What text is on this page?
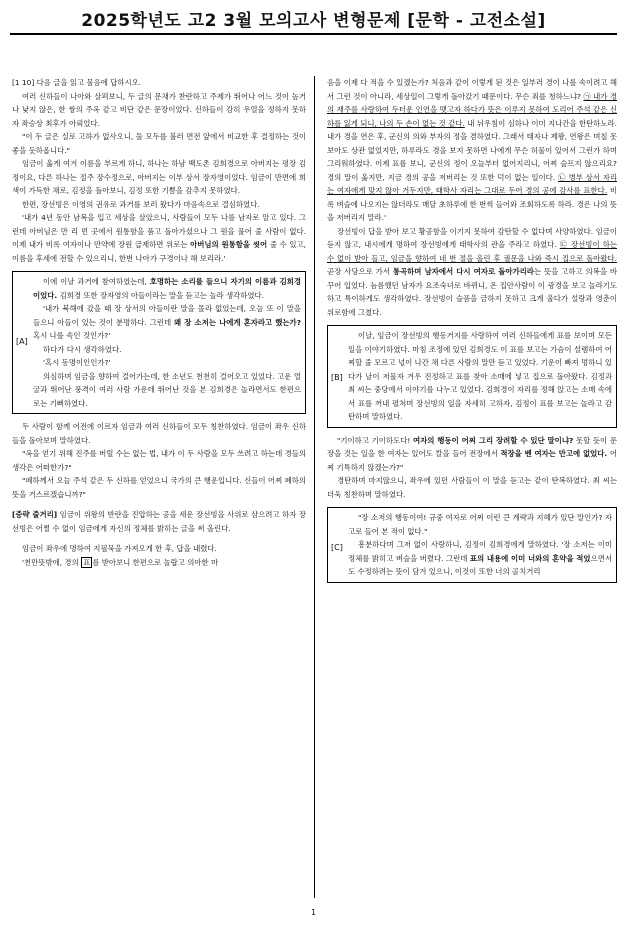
2025학년도 고2 3월 모의고사 변형문제 [문학 - 고전소설]

[1 10] 다음 글을 읽고 물음에 답하시오.

여러 신하들이 나아와 살펴보니, 두 글의 문채가 찬란하고 주제가 뛰어나 어느 것이 높거나 낮지 않은, 한 쌍의 주옥 같고 비단 같은 문장이었다. 신하들이 감히 우열을 정하지 못하자 좌승상 최후가 아뢰었다.

"이 두 글은 실로 고하가 없사오니, 둘 모두를 불러 면전 앞에서 비교한 후 결정하는 것이 좋을 듯하옵니다."

임금이 옳게 여겨 이름을 부르게 하니, 하나는 하남 백도촌 김희경으로 아버지는 평장 김정이요, 다른 하나는 절주 장수정으로, 아버지는 이부 상서 장자영이었다. 임금이 만면에 희색이 가득한 채로, 김정을 돌아보니, 김정 또한 기쁨을 감추지 못하였다.

한편, 장선빙은 이영의 권유로 과거를 보러 왔다가 마음속으로 결심하였다.

'내가 4년 동안 남복을 입고 세상을 살았으니, 사람들이 모두 나를 남자로 알고 있다. 그런데 아버님은 만 리 먼 곳에서 원통함을 품고 돌아가셨으나 그 원을 풀어 줄 사람이 없다. 이제 내가 비록 여자이나 만약에 장원 급제하면 위로는 아버님의 원통함을 씻어 줄 수 있고, 이름을 후세에 전할 수 있으리니, 한번 나아가 구경이나 해 보리라.'

[A]

이에 이날 과거에 참여하였는데, 호명하는 소리를 들으니 자기의 이름과 김희경이었다. 김희경 또한 장자영의 아들이라는 말을 듣고는 놀라 생각하였다.

'내가 북해에 갔을 때 장 상서의 아들이란 말을 몰라 없었는데, 오늘 또 이 말을 들으니 아들이 있는 것이 분명하다. 그런데 왜 장 소저는 나에게 혼자라고 했는가? 혹시 나를 속인 것인가?'

하다가 다시 생각하였다.

'혹시 동명이인인가?'

의심하며 임금을 향하여 걸어가는데, 한 소년도 천천히 걸어오고 있었다. 고운 얼굴과 뛰어난 풍격이 여러 사람 가운데 뛰어난 것을 본 김희경은 놀라면서도 한편으로는 기뻐하였다.

두 사람이 함께 어전에 이르자 임금과 여러 신하들이 모두 칭찬하였다. 임금이 좌우 신하들을 돌아보며 말하였다.

"옥을 얻기 위해 진주를 버릴 수는 없는 법, 내가 이 두 사람을 모두 쓰려고 하는데 경들의 생각은 어떠한가?"

"폐하께서 오늘 주석 같은 두 신하를 얻었으니 국가의 큰 행운입니다. 신들이 어찌 폐하의 뜻을 거스르겠습니까?"

[중략 줄거리] 임금이 위왕의 반란을 진압하는 공을 세운 장선빙을 사위로 삼으려고 하자 장선빙은 어쩔 수 없이 임금에게 자신의 정체를 밝히는 글을 써 올린다.

임금이 좌우에 명하여 지필묵을 가져오게 한 후, 답을 내렸다.

'천만뜻밖에, 경의 표 를 받아보니 한편으로 놀랍고 의아한 마

음을 이제 다 적을 수 있겠는가? 처음과 같이 이렇게 된 것은 일부러 경이 나를 속이려고 해서 그런 것이 아니라, 세상일이 그렇게 돌아갔기 때문이다. 무슨 죄를 청하느냐? ㉠ 내가 경의 재주를 사랑하여 두터운 인연을 맺고자 하다가 뜻은 이루지 못하여 도리어 주석 같은 신하를 잃게 되니, 나의 두 손이 없는 것 같다. 내 뉘우침이 심하나 이미 지나간을 한탄하노라. 내가 경을 연은 후, 군신의 의와 부자의 정을 겸하였다. 그래서 태자나 제왕, 연왕은 며칠 못 보아도 상관 없었지만, 하루라도 경을 보지 못하면 나에게 무슨 허물이 있어서 그런가 하며 그리워하였다. 이제 표를 보니, 군신의 정이 오늘부터 없어지리니, 어찌 슬프지 않으리요? 경의 말이 옳지만, 지금 경의 공을 저버리는 것 또한 덕이 없는 일이다. ㉡ 병부 상서 자리는 여자에게 맞지 않아 거두지만, 태학사 자리는 그대로 두어 경의 공에 감사를 표한다. 비록 벼슬에 나오지는 않더라도 매달 초하루에 한 번씩 들어와 조회하도록 하라. 경은 나의 뜻을 저버리지 말라.'

장선빙이 답을 받아 보고 황공함을 이기지 못하여 감탄할 수 없다며 사양하였다. 임금이 듣지 않고, 내시에게 명하여 장선빙에게 태학사의 관을 주라고 하였다. ㉢ 장선빙이 하는 수 없이 받아 들고, 임금을 향하여 네 번 절을 올린 후 궐문을 나와 즉시 집으로 돌아왔다. 곧장 사당으로 가서 통곡하며 남자에서 다시 여자로 돌아가리라는 뜻을 고하고 의복을 바꾸어 입었다. 늠름했던 남자가 요조숙녀로 바뀌니, 온 집안사람이 이 광경을 보고 놀라기도 하고 특이하게도 생각하였다. 장선빙이 슬픔을 금하지 못하고 크게 울다가 설랑과 영춘이 위로함에 그쳤다.

[B]

이날, 임금이 장선빙의 행동거지를 사랑하여 여러 신하들에게 표를 보이며 모든 일을 이야기하였다. 마침 조정에 있던 김희경도 이 표를 보고는 가슴이 설렘하여 어찌할 줄 모르고 넋이 나간 채 다른 사람의 말만 듣고 있었다. 기운이 빠져 멍하니 있다가 날이 저물자 겨우 진정하고 표를 찾아 소매에 넣고 집으로 돌아왔다. 김정과 최 씨는 중당에서 이야기를 나누고 있었다. 김희경이 자리를 정해 앉고는 소매 속에서 표를 꺼내 펼쳐며 장선빙의 일을 자세히 고하자, 김정이 표를 보고는 놀라고 감탄하며 말하였다.

"기이하고 기이하도다! 여자의 행동이 어찌 그리 장려할 수 있단 말이냐? 못할 듯이 문장을 것는 일을 한 여자는 있어도 칼을 들어 전장에서 적장을 벤 여자는 만고에 없었다. 어찌 기특하지 않겠는가?"

경탄하며 마지않으니, 좌우에 있던 사람들이 이 말을 듣고는 같이 탄복하였다. 최 씨는 더욱 칭찬하며 말하였다.

[C]

"장 소저의 행동이여! 규중 여자로 어찌 이런 큰 계략과 지혜가 있단 말인가? 자고로 들어 본 적이 없다."

흥분하다며 그저 없이 사랑하니, 김정이 김희경에게 말하였다. '장 소저는 이미 정체를 밝히고 벼슬을 버렸다. 그런데 표의 내용에 이미 너와의 혼약을 적었으면서도 수정하려는 뜻이 담겨 있으니, 이것이 또한 너의 골치거리

1
